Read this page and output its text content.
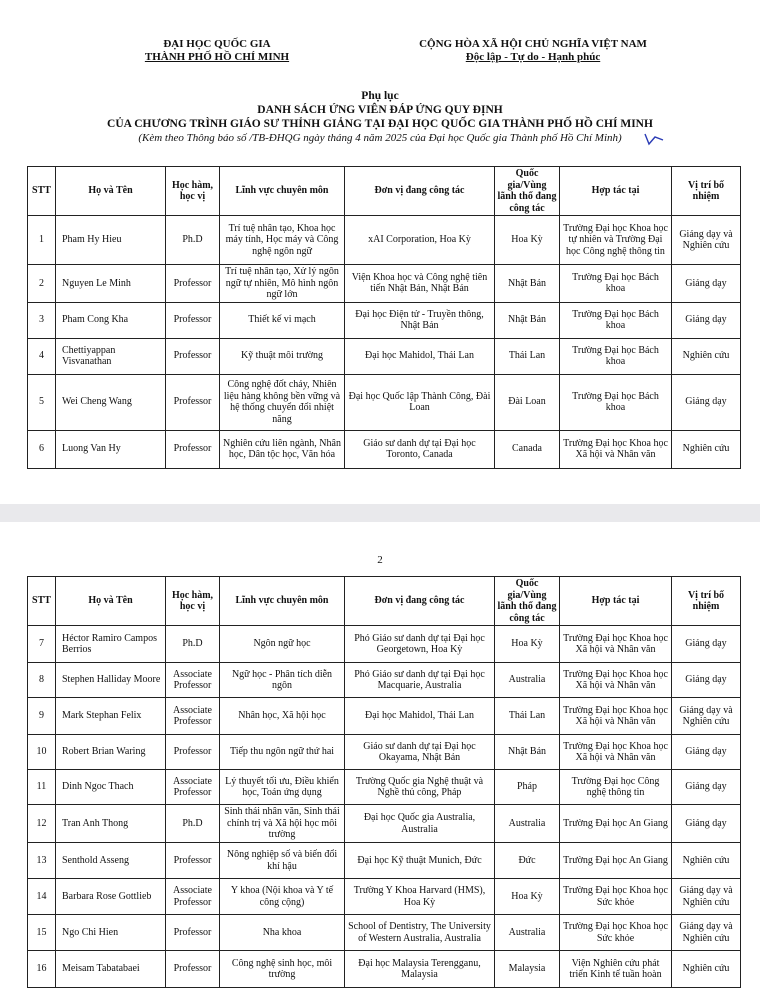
ĐẠI HỌC QUỐC GIA
THÀNH PHỐ HỒ CHÍ MINH
CỘNG HÒA XÃ HỘI CHỦ NGHĨA VIỆT NAM
Độc lập - Tự do - Hạnh phúc
Phụ lục
DANH SÁCH ỨNG VIÊN ĐÁP ỨNG QUY ĐỊNH
CỦA CHƯƠNG TRÌNH GIÁO SƯ THỈNH GIẢNG TẠI ĐẠI HỌC QUỐC GIA THÀNH PHỐ HỒ CHÍ MINH
(Kèm theo Thông báo số /TB-ĐHQG ngày tháng 4 năm 2025 của Đại học Quốc gia Thành phố Hồ Chí Minh)
STT	Họ và Tên	Học hàm, học vị	Lĩnh vực chuyên môn	Đơn vị đang công tác	Quốc gia/Vùng lãnh thổ đang công tác	Hợp tác tại	Vị trí bố nhiệm
1	Pham Hy Hieu	Ph.D	Trí tuệ nhân tạo, Khoa học máy tính, Học máy và Công nghệ ngôn ngữ	xAI Corporation, Hoa Kỳ	Hoa Kỳ	Trường Đại học Khoa học tự nhiên và Trường Đại học Công nghệ thông tin	Giảng dạy và Nghiên cứu
2	Nguyen Le Minh	Professor	Trí tuệ nhân tạo, Xử lý ngôn ngữ tự nhiên, Mô hình ngôn ngữ lớn	Viện Khoa học và Công nghệ tiên tiến Nhật Bản, Nhật Bản	Nhật Bản	Trường Đại học Bách khoa	Giảng dạy
3	Pham Cong Kha	Professor	Thiết kế vi mạch	Đại học Điện tử - Truyền thông, Nhật Bản	Nhật Bản	Trường Đại học Bách khoa	Giảng dạy
4	Chettiyappan Visvanathan	Professor	Kỹ thuật môi trường	Đại học Mahidol, Thái Lan	Thái Lan	Trường Đại học Bách khoa	Nghiên cứu
5	Wei Cheng Wang	Professor	Công nghệ đốt cháy, Nhiên liệu hàng không bền vững và hệ thống chuyển đổi nhiệt năng	Đại học Quốc lập Thành Công, Đài Loan	Đài Loan	Trường Đại học Bách khoa	Giảng dạy
6	Luong Van Hy	Professor	Nghiên cứu liên ngành, Nhân học, Dân tộc học, Văn hóa	Giáo sư danh dự tại Đại học Toronto, Canada	Canada	Trường Đại học Khoa học Xã hội và Nhân văn	Nghiên cứu
2
STT	Họ và Tên	Học hàm, học vị	Lĩnh vực chuyên môn	Đơn vị đang công tác	Quốc gia/Vùng lãnh thổ đang công tác	Hợp tác tại	Vị trí bố nhiệm
7	Héctor Ramiro Campos Berrios	Ph.D	Ngôn ngữ học	Phó Giáo sư danh dự tại Đại học Georgetown, Hoa Kỳ	Hoa Kỳ	Trường Đại học Khoa học Xã hội và Nhân văn	Giảng dạy
8	Stephen Halliday Moore	Associate Professor	Ngữ học - Phân tích diễn ngôn	Phó Giáo sư danh dự tại Đại học Macquarie, Australia	Australia	Trường Đại học Khoa học Xã hội và Nhân văn	Giảng dạy
9	Mark Stephan Felix	Associate Professor	Nhân học, Xã hội học	Đại học Mahidol, Thái Lan	Thái Lan	Trường Đại học Khoa học Xã hội và Nhân văn	Giảng dạy và Nghiên cứu
10	Robert Brian Waring	Professor	Tiếp thu ngôn ngữ thứ hai	Giáo sư danh dự tại Đại học Okayama, Nhật Bản	Nhật Bản	Trường Đại học Khoa học Xã hội và Nhân văn	Giảng dạy
11	Dinh Ngoc Thach	Associate Professor	Lý thuyết tối ưu, Điều khiển học, Toán ứng dụng	Trường Quốc gia Nghệ thuật và Nghề thủ công, Pháp	Pháp	Trường Đại học Công nghệ thông tin	Giảng dạy
12	Tran Anh Thong	Ph.D	Sinh thái nhân văn, Sinh thái chính trị và Xã hội học môi trường	Đại học Quốc gia Australia, Australia	Australia	Trường Đại học An Giang	Giảng dạy
13	Senthold Asseng	Professor	Nông nghiệp số và biến đổi khí hậu	Đại học Kỹ thuật Munich, Đức	Đức	Trường Đại học An Giang	Nghiên cứu
14	Barbara Rose Gottlieb	Associate Professor	Y khoa (Nội khoa và Y tế công cộng)	Trường Y Khoa Harvard (HMS), Hoa Kỳ	Hoa Kỳ	Trường Đại học Khoa học Sức khỏe	Giảng dạy và Nghiên cứu
15	Ngo Chi Hien	Professor	Nha khoa	School of Dentistry, The University of Western Australia, Australia	Australia	Trường Đại học Khoa học Sức khỏe	Giảng dạy và Nghiên cứu
16	Meisam Tabatabaei	Professor	Công nghệ sinh học, môi trường	Đại học Malaysia Terengganu, Malaysia	Malaysia	Viện Nghiên cứu phát triển Kinh tế tuần hoàn	Nghiên cứu
